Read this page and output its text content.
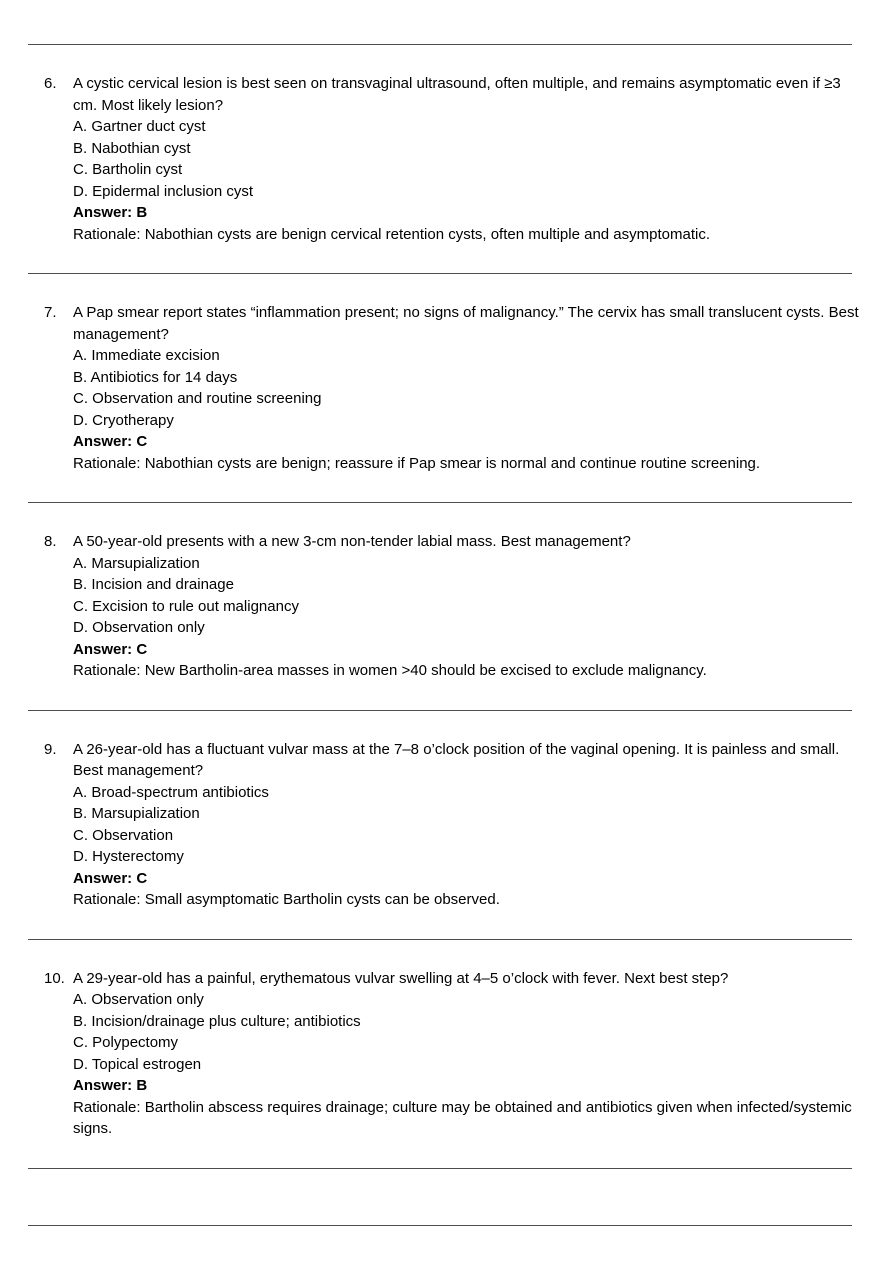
6.	A cystic cervical lesion is best seen on transvaginal ultrasound, often multiple, and remains asymptomatic even if ≥3 cm. Most likely lesion?
A. Gartner duct cyst
B. Nabothian cyst
C. Bartholin cyst
D. Epidermal inclusion cyst
Answer: B
Rationale: Nabothian cysts are benign cervical retention cysts, often multiple and asymptomatic.
7.	A Pap smear report states “inflammation present; no signs of malignancy.” The cervix has small translucent cysts. Best management?
A. Immediate excision
B. Antibiotics for 14 days
C. Observation and routine screening
D. Cryotherapy
Answer: C
Rationale: Nabothian cysts are benign; reassure if Pap smear is normal and continue routine screening.
8.	A 50-year-old presents with a new 3-cm non-tender labial mass. Best management?
A. Marsupialization
B. Incision and drainage
C. Excision to rule out malignancy
D. Observation only
Answer: C
Rationale: New Bartholin-area masses in women >40 should be excised to exclude malignancy.
9.	A 26-year-old has a fluctuant vulvar mass at the 7–8 o’clock position of the vaginal opening. It is painless and small. Best management?
A. Broad-spectrum antibiotics
B. Marsupialization
C. Observation
D. Hysterectomy
Answer: C
Rationale: Small asymptomatic Bartholin cysts can be observed.
10. A 29-year-old has a painful, erythematous vulvar swelling at 4–5 o’clock with fever. Next best step?
A. Observation only
B. Incision/drainage plus culture; antibiotics
C. Polypectomy
D. Topical estrogen
Answer: B
Rationale: Bartholin abscess requires drainage; culture may be obtained and antibiotics given when infected/systemic signs.
